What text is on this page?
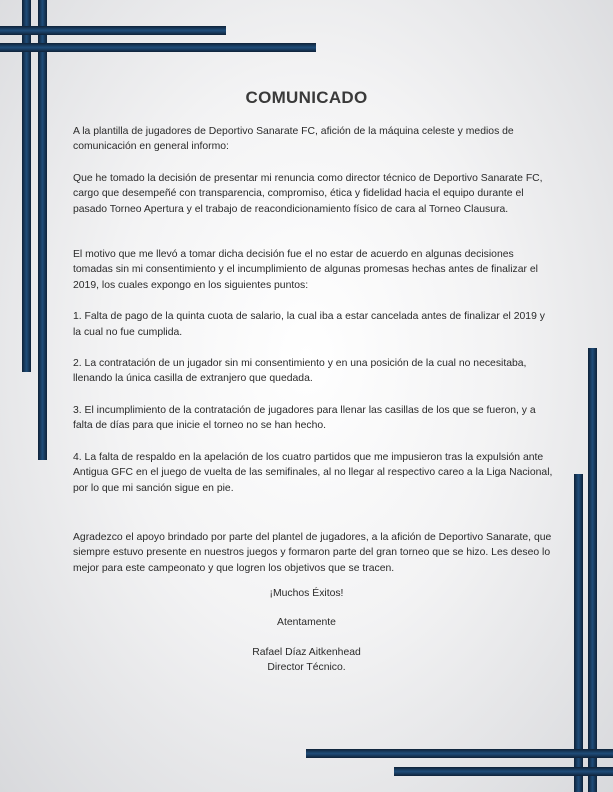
COMUNICADO

A la plantilla de jugadores de Deportivo Sanarate FC, afición de la máquina celeste y medios de comunicación en general informo:

Que he tomado la decisión de presentar mi renuncia como director técnico de Deportivo Sanarate FC, cargo que desempeñé con transparencia, compromiso, ética y fidelidad hacia el equipo durante el pasado Torneo Apertura y el trabajo de reacondicionamiento físico de cara al Torneo Clausura.

El motivo que me llevó a tomar dicha decisión fue el no estar de acuerdo en algunas decisiones tomadas sin mi consentimiento y el incumplimiento de algunas promesas hechas antes de finalizar el 2019, los cuales expongo en los siguientes puntos:

1. Falta de pago de la quinta cuota de salario, la cual iba a estar cancelada antes de finalizar el 2019 y la cual no fue cumplida.

2. La contratación de un jugador sin mi consentimiento y en una posición de la cual no necesitaba, llenando la única casilla de extranjero que quedada.

3. El incumplimiento de la contratación de jugadores para llenar las casillas de los que se fueron, y a falta de días para que inicie el torneo no se han hecho.

4. La falta de respaldo en la apelación de los cuatro partidos que me impusieron tras la expulsión ante Antigua GFC en el juego de vuelta de las semifinales, al no llegar al respectivo careo a la Liga Nacional, por lo que mi sanción sigue en pie.

Agradezco el apoyo brindado por parte del plantel de jugadores, a la afición de Deportivo Sanarate, que siempre estuvo presente en nuestros juegos y formaron parte del gran torneo que se hizo. Les deseo lo mejor para este campeonato y que logren los objetivos que se tracen.

¡Muchos Éxitos!
Atentamente
Rafael Díaz Aitkenhead
Director Técnico.
